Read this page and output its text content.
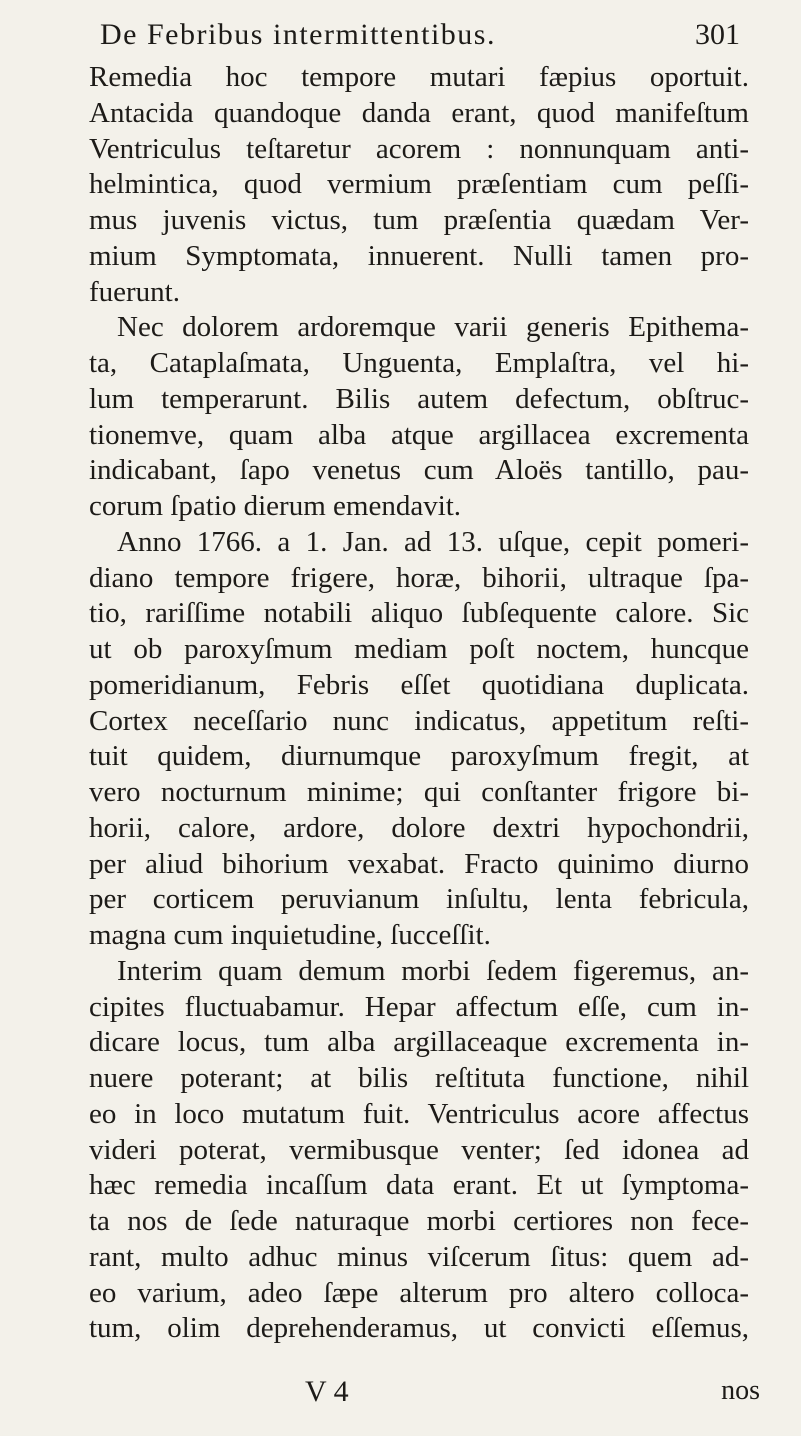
De Febribus intermittentibus.	301
Remedia hoc tempore mutari fæpius oportuit.
Antacida quandoque danda erant, quod manifeſtum
Ventriculus teſtaretur acorem : nonnunquam anti-
helmintica, quod vermium præſentiam cum peſſi-
mus juvenis victus, tum præſentia quædam Ver-
mium Symptomata, innuerent. Nulli tamen pro-
fuerunt.
Nec dolorem ardoremque varii generis Epithema-
ta, Cataplaſmata, Unguenta, Emplaſtra, vel hi-
lum temperarunt. Bilis autem defectum, obſtruc-
tionemve, quam alba atque argillacea excrementa
indicabant, ſapo venetus cum Aloës tantillo, pau-
corum ſpatio dierum emendavit.
Anno 1766. a 1. Jan. ad 13. uſque, cepit pomeri-
diano tempore frigere, horæ, bihorii, ultraque ſpa-
tio, rariſſime notabili aliquo ſubſequente calore. Sic
ut ob paroxyſmum mediam poſt noctem, huncque
pomeridianum, Febris eſſet quotidiana duplicata.
Cortex neceſſario nunc indicatus, appetitum reſti-
tuit quidem, diurnumque paroxyſmum fregit, at
vero nocturnum minime; qui conſtanter frigore bi-
horii, calore, ardore, dolore dextri hypochondrii,
per aliud bihorium vexabat. Fracto quinimo diurno
per corticem peruvianum inſultu, lenta febricula,
magna cum inquietudine, ſucceſſit.
Interim quam demum morbi ſedem figeremus, an-
cipites fluctuabamur. Hepar affectum eſſe, cum in-
dicare locus, tum alba argillaceaque excrementa in-
nuere poterant; at bilis reſtituta functione, nihil
eo in loco mutatum fuit. Ventriculus acore affectus
videri poterat, vermibusque venter; ſed idonea ad
hæc remedia incaſſum data erant. Et ut ſymptoma-
ta nos de ſede naturaque morbi certiores non fece-
rant, multo adhuc minus viſcerum ſitus: quem ad-
eo varium, adeo ſæpe alterum pro altero colloca-
tum, olim deprehenderamus, ut convicti eſſemus,
V 4	nos
